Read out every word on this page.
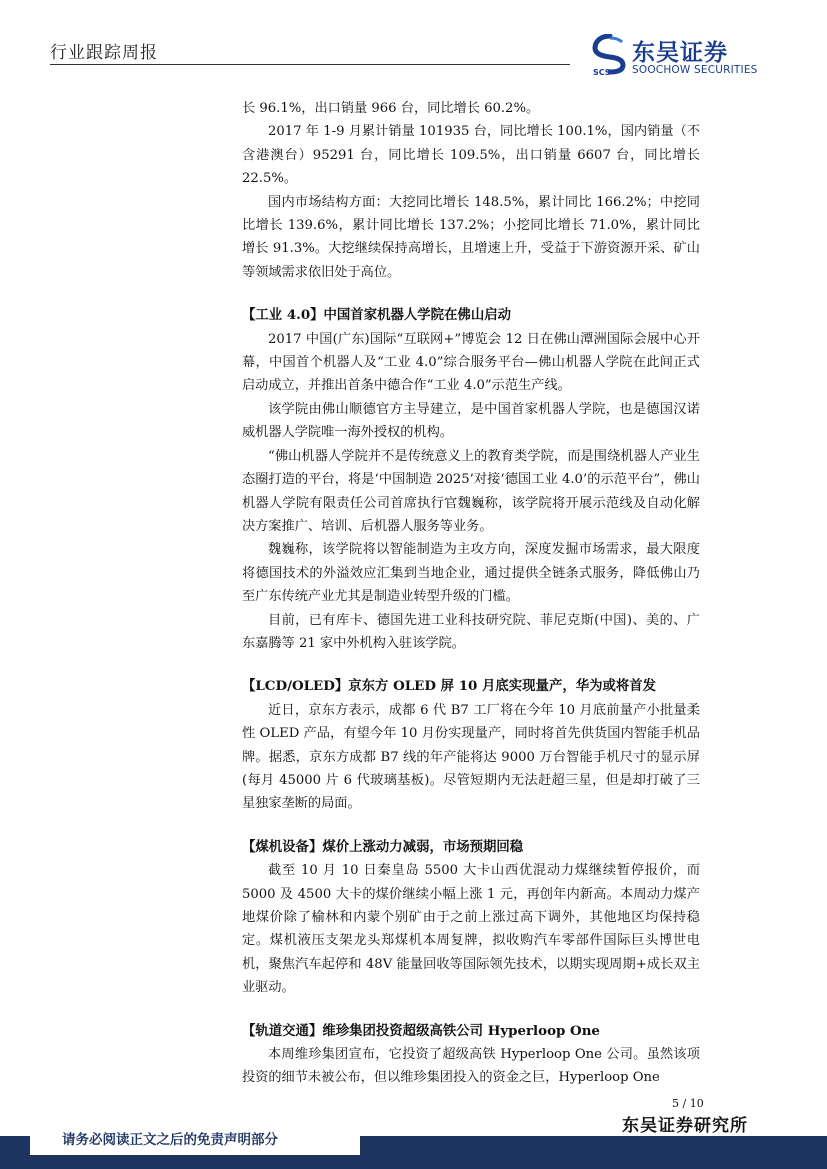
行业跟踪周报
SCS
东吴证券
SOOCHOW SECURITIES

长 96.1%，出口销量 966 台，同比增长 60.2%。

2017 年 1-9 月累计销量 101935 台，同比增长 100.1%，国内销量（不含港澳台）95291 台，同比增长 109.5%，出口销量 6607 台，同比增长 22.5%。

国内市场结构方面：大挖同比增长 148.5%，累计同比 166.2%；中挖同比增长 139.6%，累计同比增长 137.2%；小挖同比增长 71.0%，累计同比增长 91.3%。大挖继续保持高增长，且增速上升，受益于下游资源开采、矿山等领域需求依旧处于高位。

【工业 4.0】中国首家机器人学院在佛山启动

2017 中国(广东)国际“互联网+”博览会 12 日在佛山潭洲国际会展中心开幕，中国首个机器人及“工业 4.0”综合服务平台—佛山机器人学院在此间正式启动成立，并推出首条中德合作“工业 4.0”示范生产线。

该学院由佛山顺德官方主导建立，是中国首家机器人学院，也是德国汉诺威机器人学院唯一海外授权的机构。

“佛山机器人学院并不是传统意义上的教育类学院，而是围绕机器人产业生态圈打造的平台，将是‘中国制造 2025’对接‘德国工业 4.0’的示范平台”，佛山机器人学院有限责任公司首席执行官魏巍称，该学院将开展示范线及自动化解决方案推广、培训、后机器人服务等业务。

魏巍称，该学院将以智能制造为主攻方向，深度发掘市场需求，最大限度将德国技术的外溢效应汇集到当地企业，通过提供全链条式服务，降低佛山乃至广东传统产业尤其是制造业转型升级的门槛。

目前，已有库卡、德国先进工业科技研究院、菲尼克斯(中国)、美的、广东嘉腾等 21 家中外机构入驻该学院。

【LCD/OLED】京东方 OLED 屏 10 月底实现量产，华为或将首发

近日，京东方表示，成都 6 代 B7 工厂将在今年 10 月底前量产小批量柔性 OLED 产品，有望今年 10 月份实现量产，同时将首先供货国内智能手机品牌。据悉，京东方成都 B7 线的年产能将达 9000 万台智能手机尺寸的显示屏(每月 45000 片 6 代玻璃基板)。尽管短期内无法赶超三星，但是却打破了三星独家垄断的局面。

【煤机设备】煤价上涨动力减弱，市场预期回稳

截至 10 月 10 日秦皇岛 5500 大卡山西优混动力煤继续暂停报价，而 5000 及 4500 大卡的煤价继续小幅上涨 1 元，再创年内新高。本周动力煤产地煤价除了榆林和内蒙个别矿由于之前上涨过高下调外，其他地区均保持稳定。煤机液压支架龙头郑煤机本周复牌，拟收购汽车零部件国际巨头博世电机，聚焦汽车起停和 48V 能量回收等国际领先技术，以期实现周期+成长双主业驱动。

【轨道交通】维珍集团投资超级高铁公司 Hyperloop One

本周维珍集团宣布，它投资了超级高铁 Hyperloop One 公司。虽然该项投资的细节未被公布，但以维珍集团投入的资金之巨，Hyperloop One

5 / 10
东吴证券研究所
请务必阅读正文之后的免责声明部分
